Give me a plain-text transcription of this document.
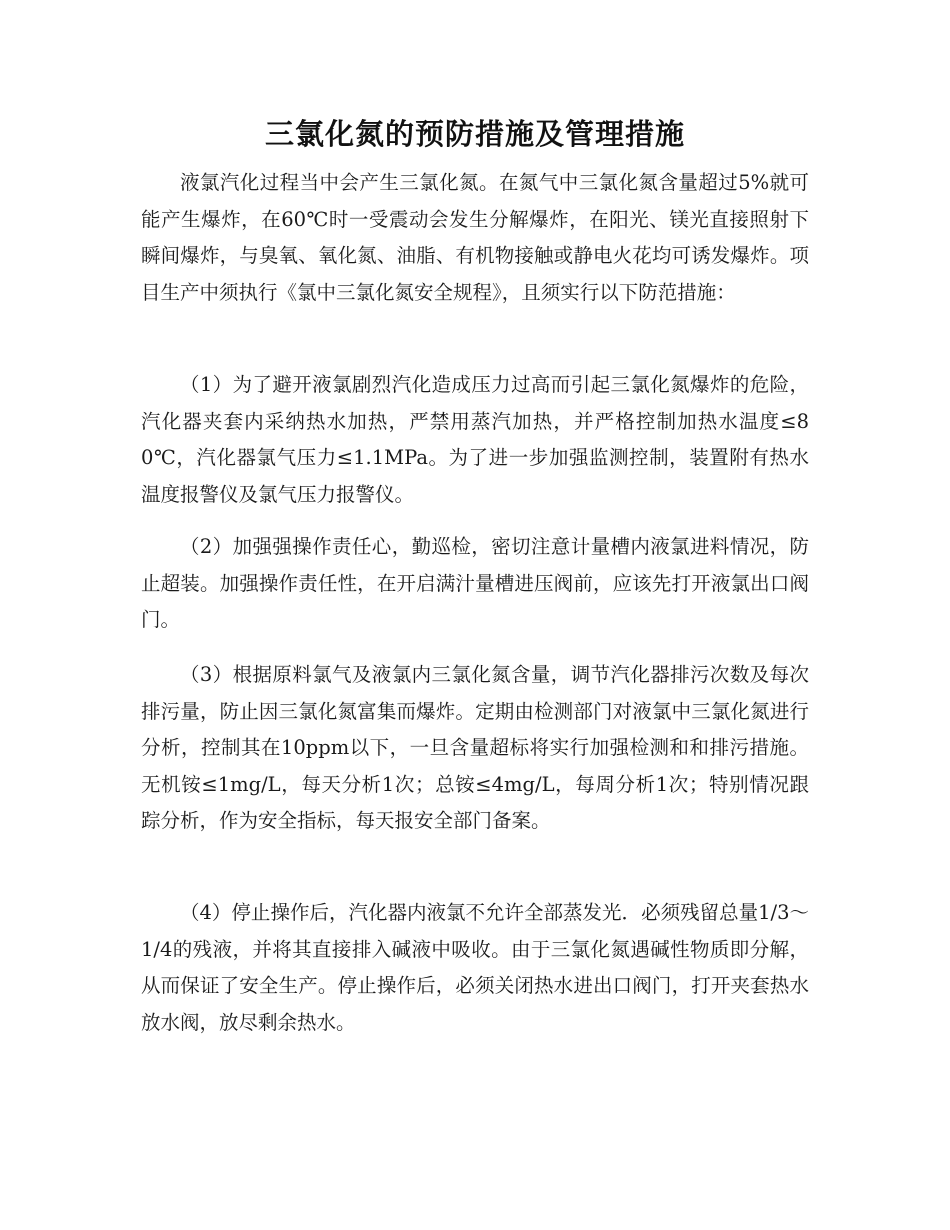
三氯化氮的预防措施及管理措施

液氯汽化过程当中会产生三氯化氮。在氮气中三氯化氮含量超过5%就可能产生爆炸，在60℃时一受震动会发生分解爆炸，在阳光、镁光直接照射下瞬间爆炸，与臭氧、氧化氮、油脂、有机物接触或静电火花均可诱发爆炸。项目生产中须执行《氯中三氯化氮安全规程》，且须实行以下防范措施：

（1）为了避开液氯剧烈汽化造成压力过高而引起三氯化氮爆炸的危险，汽化器夹套内采纳热水加热，严禁用蒸汽加热，并严格控制加热水温度≤80℃，汽化器氯气压力≤1.1MPa。为了进一步加强监测控制，装置附有热水温度报警仪及氯气压力报警仪。

（2）加强强操作责任心，勤巡检，密切注意计量槽内液氯进料情况，防止超装。加强操作责任性，在开启满汁量槽进压阀前，应该先打开液氯出口阀门。

（3）根据原料氯气及液氯内三氯化氮含量，调节汽化器排污次数及每次排污量，防止因三氯化氮富集而爆炸。定期由检测部门对液氯中三氯化氮进行分析，控制其在10ppm以下，一旦含量超标将实行加强检测和和排污措施。无机铵≤1mg/L，每天分析1次；总铵≤4mg/L，每周分析1次；特别情况跟踪分析，作为安全指标，每天报安全部门备案。

（4）停止操作后，汽化器内液氯不允许全部蒸发光．必须残留总量1/3～1/4的残液，并将其直接排入碱液中吸收。由于三氯化氮遇碱性物质即分解，从而保证了安全生产。停止操作后，必须关闭热水进出口阀门，打开夹套热水放水阀，放尽剩余热水。
